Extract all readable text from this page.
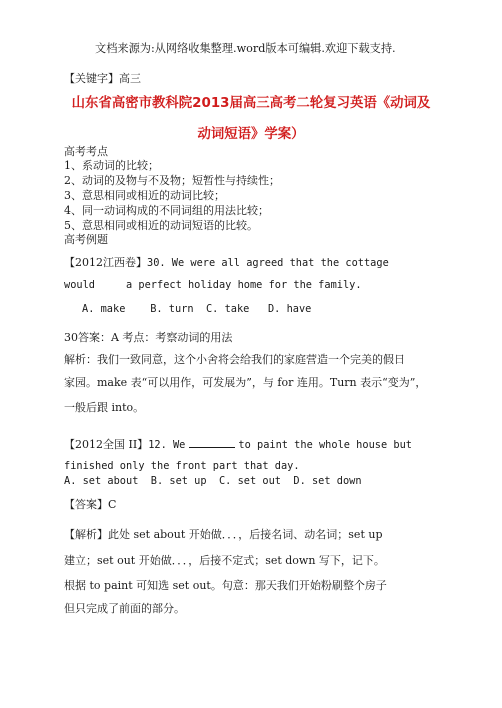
文档来源为:从网络收集整理.word版本可编辑.欢迎下载支持.
【关键字】高三
山东省高密市教科院2013届高三高考二轮复习英语《动词及
动词短语》学案）
高考考点
1、系动词的比较；
2、动词的及物与不及物；短暂性与持续性；
3、意思相同或相近的动词比较；
4、同一动词构成的不同词组的用法比较；
5、意思相同或相近的动词短语的比较。
高考例题
【2012江西卷】30. We were all agreed that the cottage
would     a perfect holiday home for the family.
A. make    B. turn  C. take   D. have
30答案：A 考点：考察动词的用法
解析：我们一致同意，这个小舍将会给我们的家庭营造一个完美的假日
家园。make 表“可以用作，可发展为”，与 for 连用。Turn 表示“变为”，
一般后跟 into。
【2012全国 II】12. We	to paint the whole house but
finished only the front part that day.
A. set about  B. set up  C. set out  D. set down
【答案】C
【解析】此处 set about 开始做．．．，后接名词、动名词；set up
建立；set out 开始做．．．，后接不定式；set down 写下，记下。
根据 to paint 可知选 set out。句意：那天我们开始粉刷整个房子
但只完成了前面的部分。
